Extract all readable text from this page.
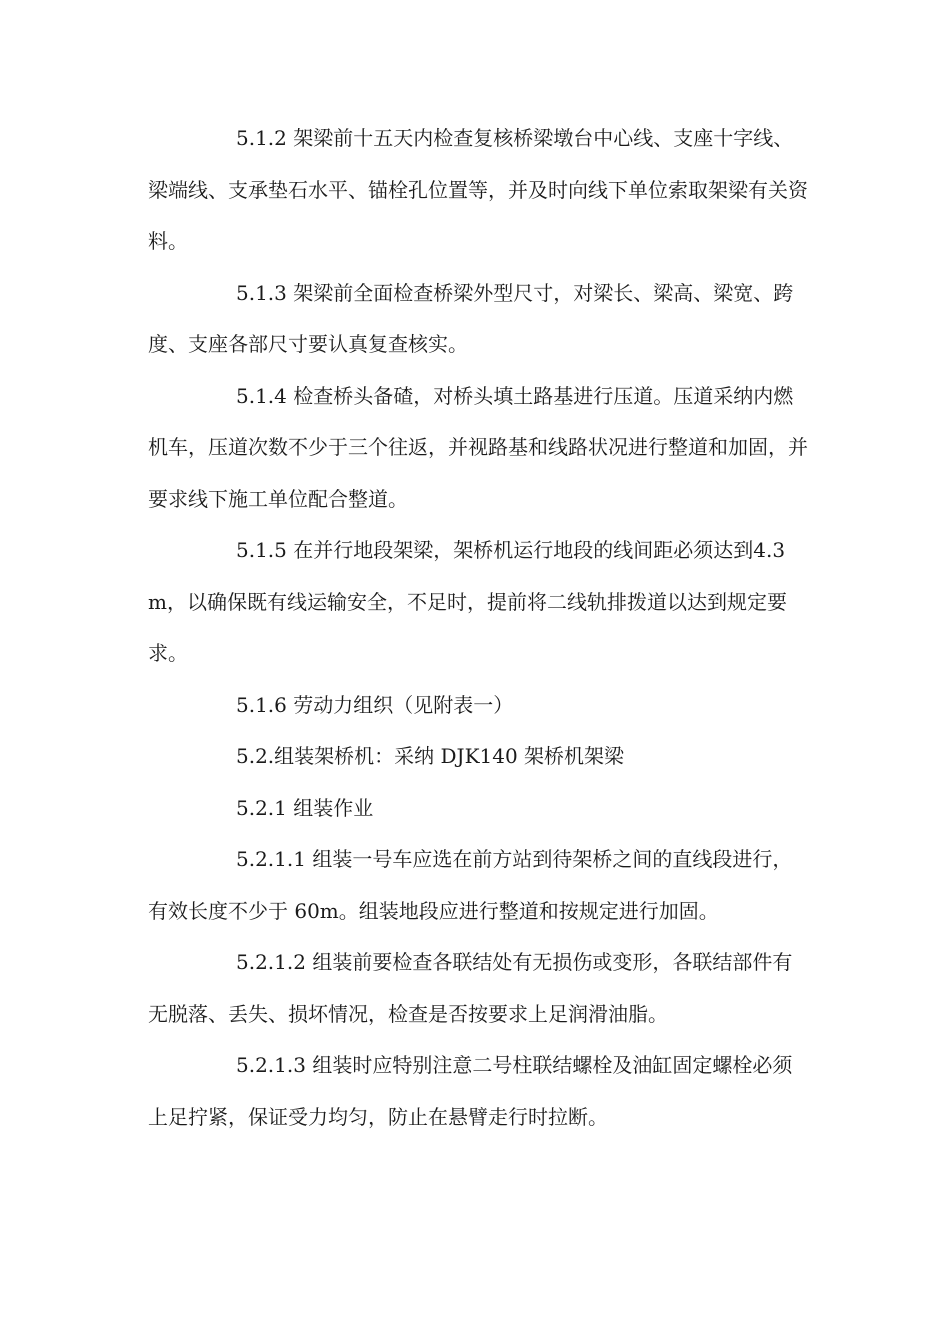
5.1.2 架梁前十五天内检查复核桥梁墩台中心线、支座十字线、梁端线、支承垫石水平、锚栓孔位置等，并及时向线下单位索取架梁有关资料。

5.1.3 架梁前全面检查桥梁外型尺寸，对梁长、梁高、梁宽、跨度、支座各部尺寸要认真复查核实。

5.1.4 检查桥头备碴，对桥头填土路基进行压道。压道采纳内燃机车，压道次数不少于三个往返，并视路基和线路状况进行整道和加固，并要求线下施工单位配合整道。

5.1.5 在并行地段架梁，架桥机运行地段的线间距必须达到4.3m，以确保既有线运输安全，不足时，提前将二线轨排拨道以达到规定要求。

5.1.6 劳动力组织（见附表一）

5.2.组装架桥机：采纳 DJK140 架桥机架梁

5.2.1 组装作业

5.2.1.1 组装一号车应选在前方站到待架桥之间的直线段进行，有效长度不少于 60m。组装地段应进行整道和按规定进行加固。

5.2.1.2 组装前要检查各联结处有无损伤或变形，各联结部件有无脱落、丢失、损坏情况，检查是否按要求上足润滑油脂。

5.2.1.3 组装时应特别注意二号柱联结螺栓及油缸固定螺栓必须上足拧紧，保证受力均匀，防止在悬臂走行时拉断。
